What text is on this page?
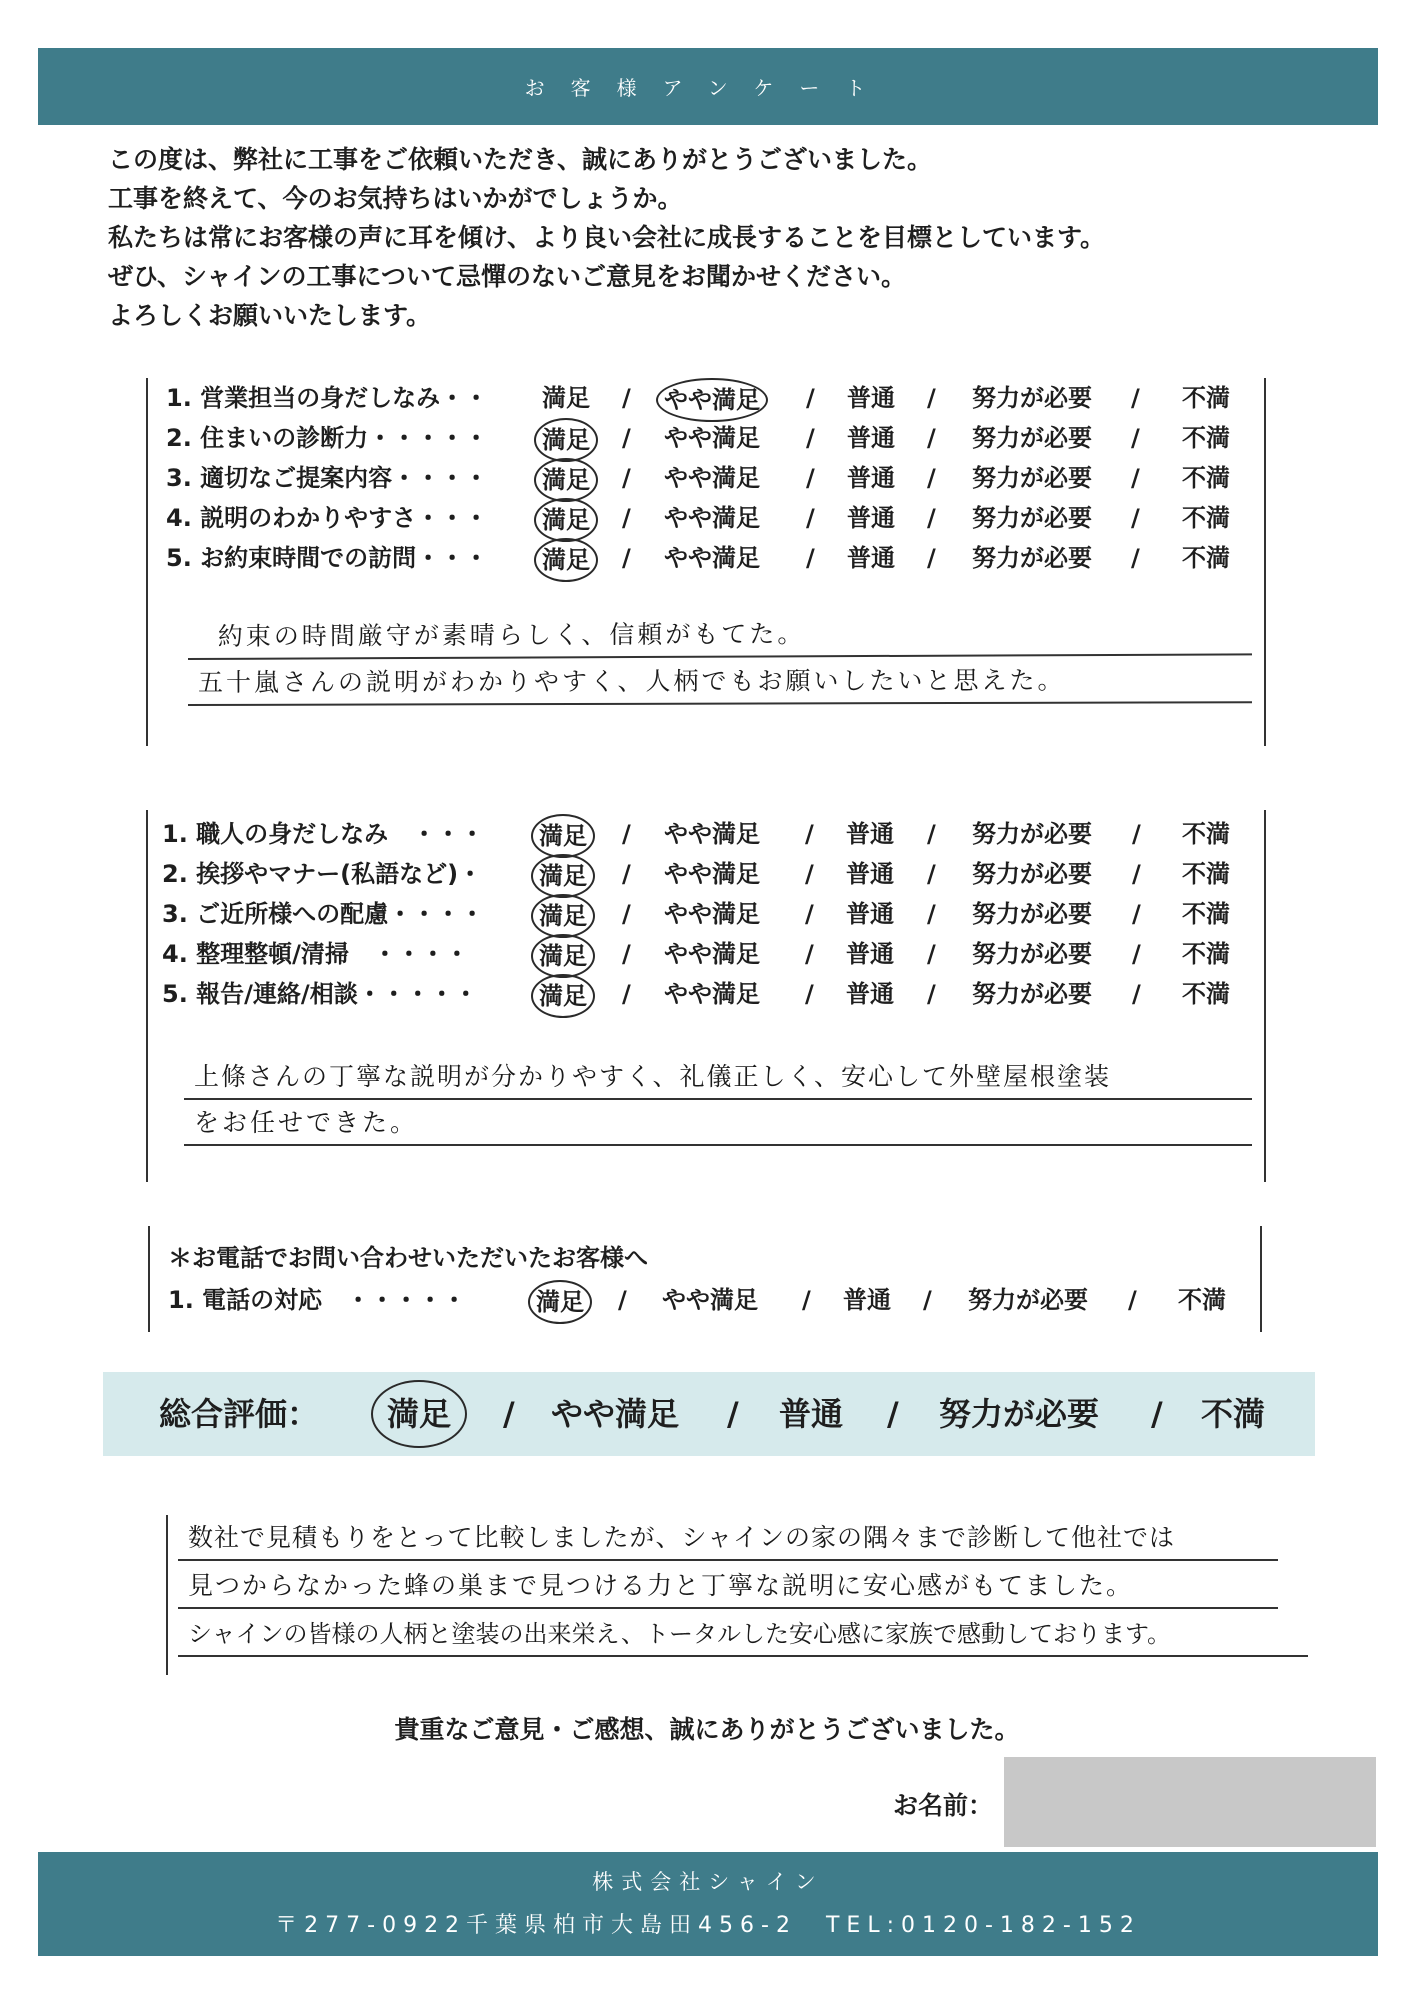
お客様アンケート
この度は、弊社に工事をご依頼いただき、誠にありがとうございました。
工事を終えて、今のお気持ちはいかがでしょうか。
私たちは常にお客様の声に耳を傾け、より良い会社に成長することを目標としています。
ぜひ、シャインの工事について忌憚のないご意見をお聞かせください。
よろしくお願いいたします。
1. 営業担当の身だしなみ・・ 満足 /	やや満足	/ 普通 / 努力が必要 / 不満
2. 住まいの診断力・・・・・	満足	/ やや満足 / 普通 / 努力が必要 / 不満
3. 適切なご提案内容・・・・	満足	/ やや満足 / 普通 / 努力が必要 / 不満
4. 説明のわかりやすさ・・・	満足	/ やや満足 / 普通 / 努力が必要 / 不満
5. お約束時間での訪問・・・	満足	/ やや満足 / 普通 / 努力が必要 / 不満
約束の時間厳守が素晴らしく、信頼がもてた。
五十嵐さんの説明がわかりやすく、人柄でもお願いしたいと思えた。
1. 職人の身だしなみ　・・・	満足	/ やや満足 / 普通 / 努力が必要 / 不満
2. 挨拶やマナー(私語など)・	満足	/ やや満足 / 普通 / 努力が必要 / 不満
3. ご近所様への配慮・・・・	満足	/ やや満足 / 普通 / 努力が必要 / 不満
4. 整理整頓/清掃　・・・・	満足	/ やや満足 / 普通 / 努力が必要 / 不満
5. 報告/連絡/相談・・・・・	満足	/ やや満足 / 普通 / 努力が必要 / 不満
上條さんの丁寧な説明が分かりやすく、礼儀正しく、安心して外壁屋根塗装
をお任せできた。
＊お電話でお問い合わせいただいたお客様へ
1. 電話の対応　・・・・・	満足	/ やや満足 / 普通 / 努力が必要 / 不満
総合評価：	満足	/ やや満足 / 普通 / 努力が必要 / 不満
数社で見積もりをとって比較しましたが、シャインの家の隅々まで診断して他社では
見つからなかった蜂の巣まで見つける力と丁寧な説明に安心感がもてました。
シャインの皆様の人柄と塗装の出来栄え、トータルした安心感に家族で感動しております。
貴重なご意見・ご感想、誠にありがとうございました。
お名前：
株式会社シャイン
〒277-0922千葉県柏市大島田456-2　TEL:0120-182-152
